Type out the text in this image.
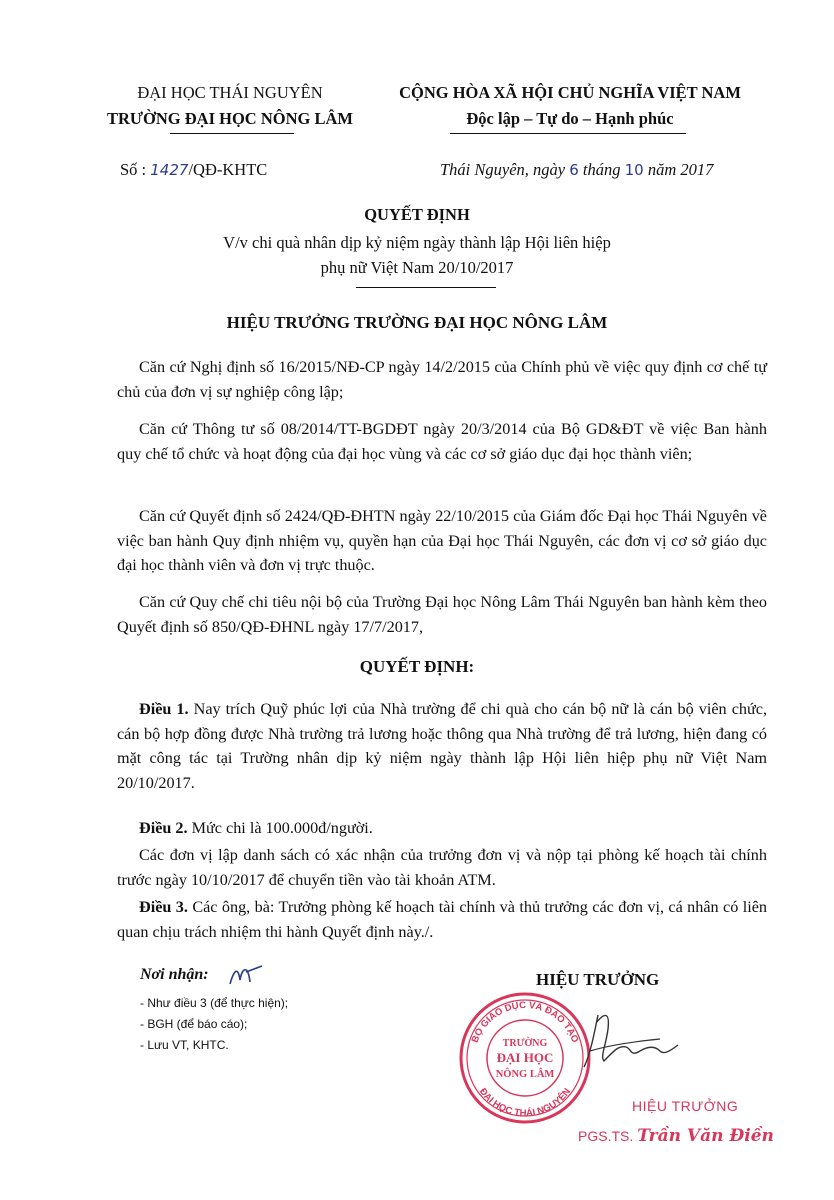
ĐẠI HỌC THÁI NGUYÊN
TRƯỜNG ĐẠI HỌC NÔNG LÂM
CỘNG HÒA XÃ HỘI CHỦ NGHĨA VIỆT NAM
Độc lập – Tự do – Hạnh phúc
Số : 1427/QĐ-KHTC	Thái Nguyên, ngày 6 tháng 10 năm 2017
QUYẾT ĐỊNH
V/v chi quà nhân dịp kỷ niệm ngày thành lập Hội liên hiệp
phụ nữ Việt Nam 20/10/2017
HIỆU TRƯỞNG TRƯỜNG ĐẠI HỌC NÔNG LÂM
Căn cứ Nghị định số 16/2015/NĐ-CP ngày 14/2/2015 của Chính phủ về việc quy định cơ chế tự chủ của đơn vị sự nghiệp công lập;
Căn cứ Thông tư số 08/2014/TT-BGDĐT ngày 20/3/2014 của Bộ GD&ĐT về việc Ban hành quy chế tổ chức và hoạt động của đại học vùng và các cơ sở giáo dục đại học thành viên;
Căn cứ Quyết định số 2424/QĐ-ĐHTN ngày 22/10/2015 của Giám đốc Đại học Thái Nguyên về việc ban hành Quy định nhiệm vụ, quyền hạn của Đại học Thái Nguyên, các đơn vị cơ sở giáo dục đại học thành viên và đơn vị trực thuộc.
Căn cứ Quy chế chi tiêu nội bộ của Trường Đại học Nông Lâm Thái Nguyên ban hành kèm theo Quyết định số 850/QĐ-ĐHNL ngày 17/7/2017,
QUYẾT ĐỊNH:
Điều 1. Nay trích Quỹ phúc lợi của Nhà trường để chi quà cho cán bộ nữ là cán bộ viên chức, cán bộ hợp đồng được Nhà trường trả lương hoặc thông qua Nhà trường để trả lương, hiện đang có mặt công tác tại Trường nhân dịp kỷ niệm ngày thành lập Hội liên hiệp phụ nữ Việt Nam 20/10/2017.
Điều 2. Mức chi là 100.000đ/người.
Các đơn vị lập danh sách có xác nhận của trưởng đơn vị và nộp tại phòng kế hoạch tài chính trước ngày 10/10/2017 để chuyển tiền vào tài khoản ATM.
Điều 3. Các ông, bà: Trưởng phòng kế hoạch tài chính và thủ trưởng các đơn vị, cá nhân có liên quan chịu trách nhiệm thi hành Quyết định này./.
Nơi nhận:
- Như điều 3 (để thực hiện);
- BGH (để báo cáo);
- Lưu VT, KHTC.
HIỆU TRƯỞNG
BỘ GIÁO DỤC VÀ ĐÀO TẠO
ĐẠI HỌC THÁI NGUYÊN
TRƯỜNG
ĐẠI HỌC
NÔNG LÂM
HIỆU TRƯỞNG
PGS.TS. Trần Văn Điền
